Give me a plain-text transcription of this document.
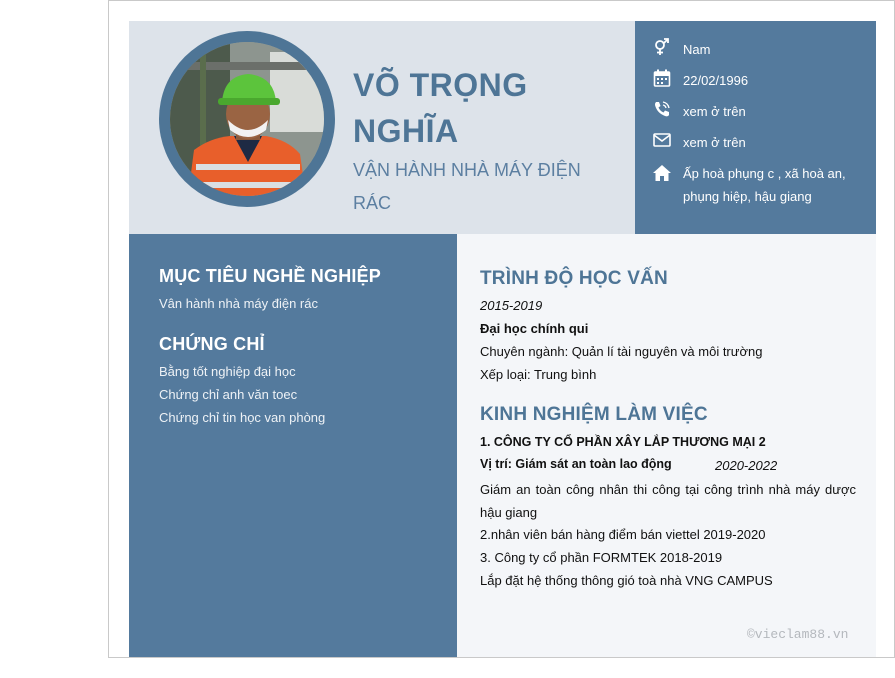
VÕ TRỌNG NGHĨA
VẬN HÀNH NHÀ MÁY ĐIỆN RÁC
Nam
22/02/1996
xem ở trên
xem ở trên
Ấp hoà phụng c , xã hoà an, phụng hiệp, hậu giang
MỤC TIÊU NGHỀ NGHIỆP
Vân hành nhà máy điện rác
CHỨNG CHỈ
Bằng tốt nghiệp đại học
Chứng chỉ anh văn toec
Chứng chỉ tin học van phòng
TRÌNH ĐỘ HỌC VẤN
2015-2019
Đại học chính qui
Chuyên ngành: Quản lí tài nguyên và môi trường
Xếp loại: Trung bình
KINH NGHIỆM LÀM VIỆC
1. CÔNG TY CỔ PHẦN XÂY LẮP THƯƠNG MẠI 2
Vị trí: Giám sát an toàn lao động	2020-2022
Giám an toàn công nhân thi công tại công trình nhà máy dược hậu giang
2.nhân viên bán hàng điểm bán viettel 2019-2020
3. Công ty cổ phần FORMTEK 2018-2019
Lắp đặt hệ thống thông gió toà nhà VNG CAMPUS
©vieclam88.vn
